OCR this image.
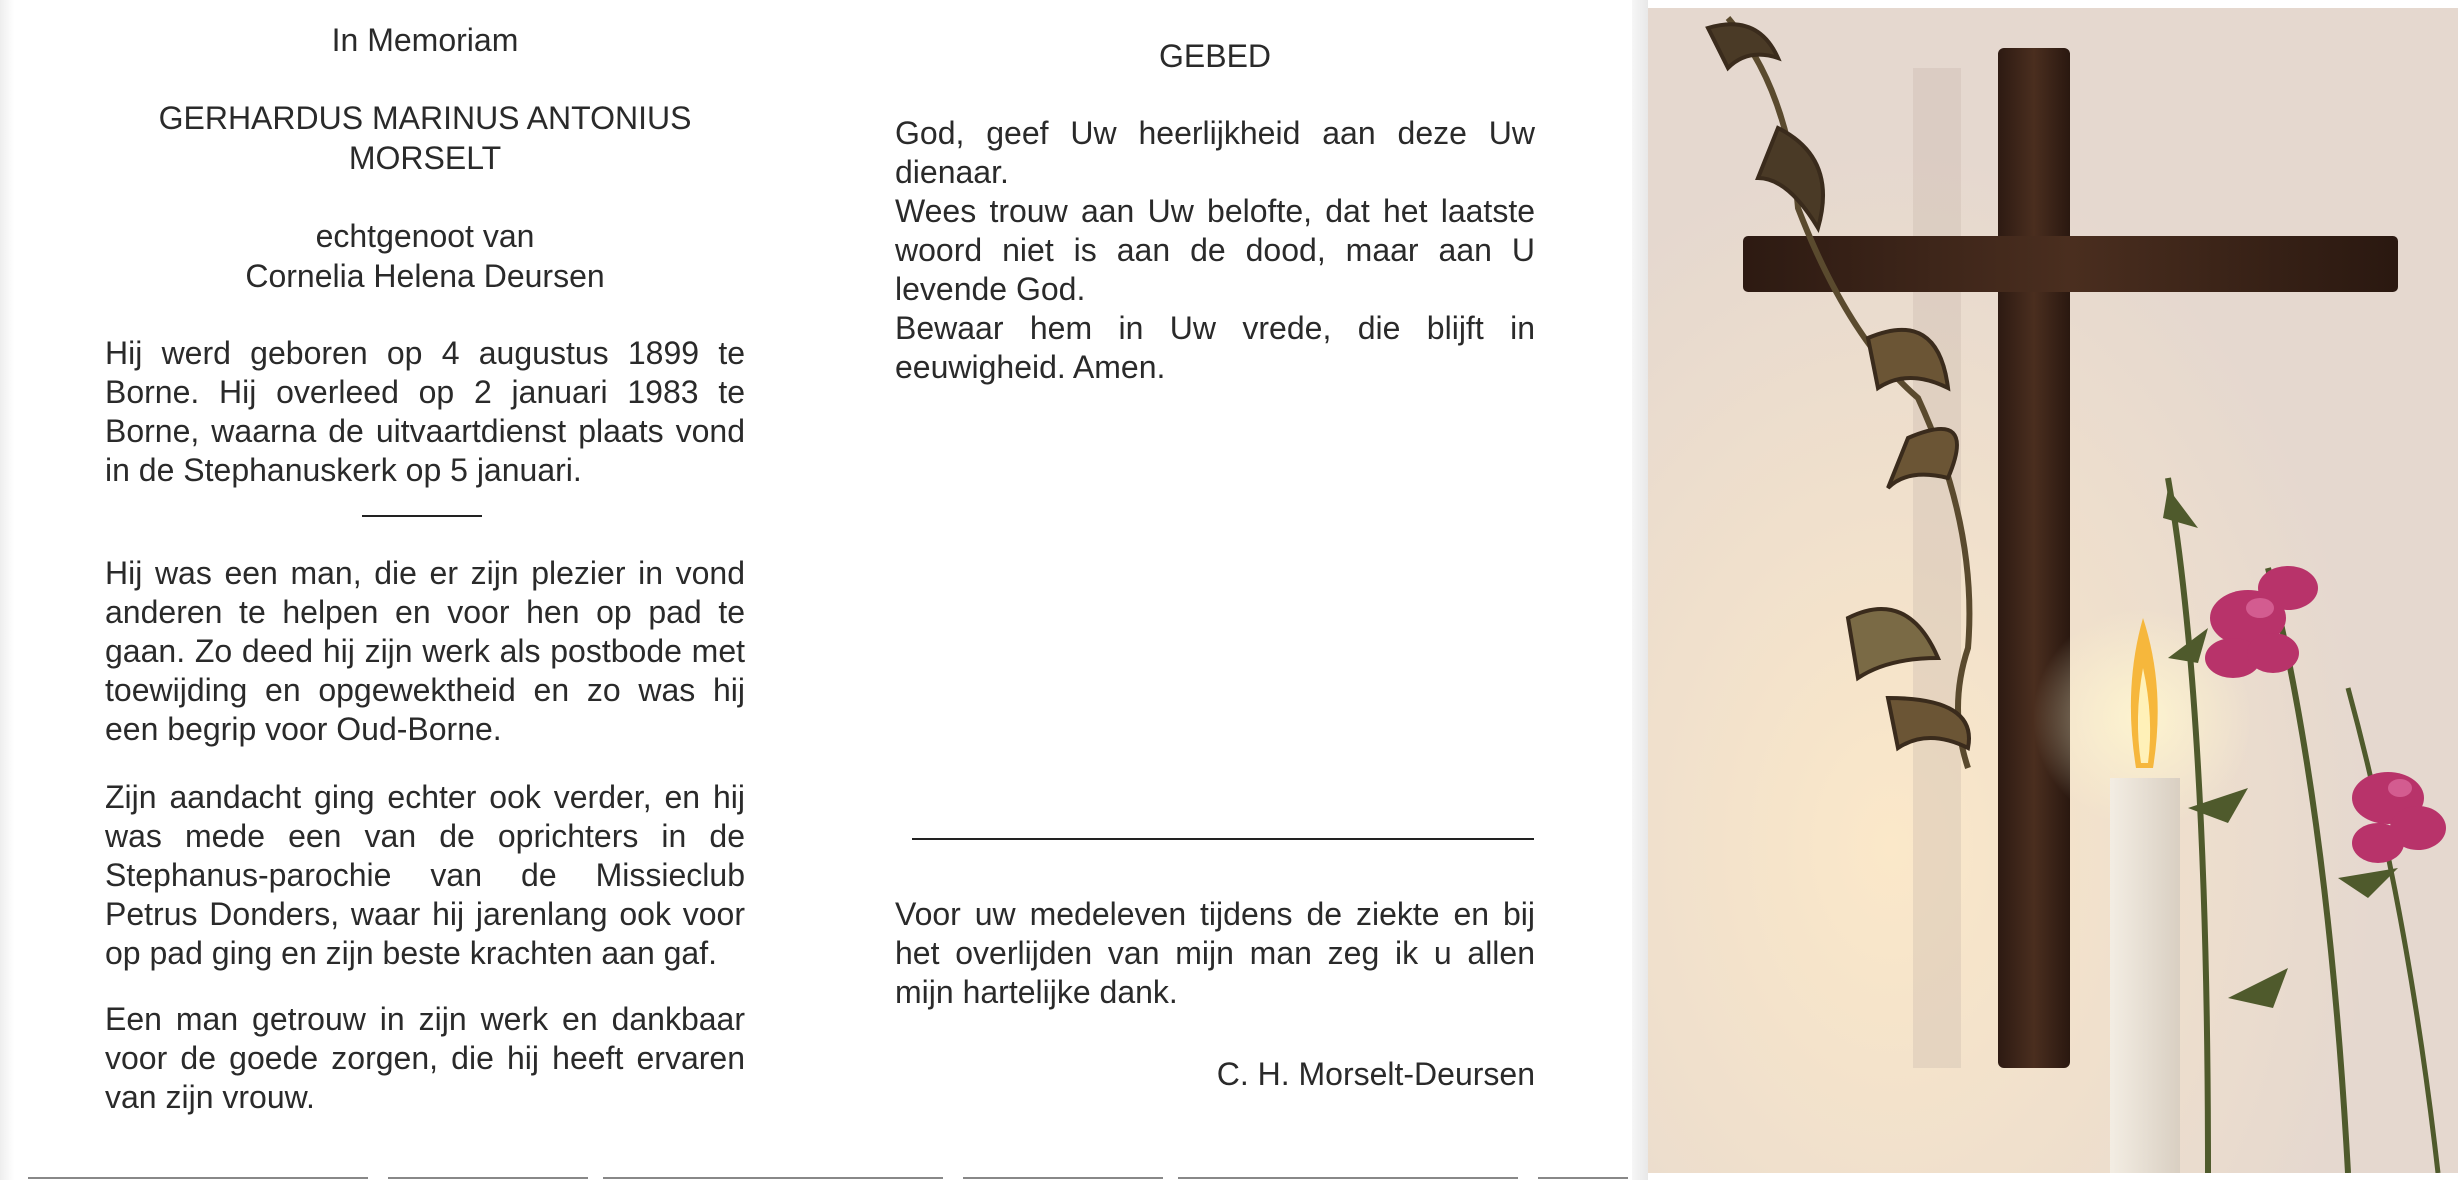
In Memoriam
GERHARDUS MARINUS ANTONIUS
MORSELT
echtgenoot van
Cornelia Helena Deursen

Hij werd geboren op 4 augustus 1899 te Borne. Hij overleed op 2 januari 1983 te Borne, waarna de uitvaartdienst plaats vond in de Stephanuskerk op 5 januari.

Hij was een man, die er zijn plezier in vond anderen te helpen en voor hen op pad te gaan. Zo deed hij zijn werk als postbode met toewijding en opgewektheid en zo was hij een begrip voor Oud-Borne.

Zijn aandacht ging echter ook verder, en hij was mede een van de oprichters in de Stephanus-parochie van de Missieclub Petrus Donders, waar hij jarenlang ook voor op pad ging en zijn beste krachten aan gaf.

Een man getrouw in zijn werk en dankbaar voor de goede zorgen, die hij heeft ervaren van zijn vrouw.

GEBED

God, geef Uw heerlijkheid aan deze Uw dienaar.

Wees trouw aan Uw belofte, dat het laatste woord niet is aan de dood, maar aan U levende God.

Bewaar hem in Uw vrede, die blijft in eeuwigheid. Amen.

Voor uw medeleven tijdens de ziekte en bij het overlijden van mijn man zeg ik u allen mijn hartelijke dank.

C. H. Morselt-Deursen
